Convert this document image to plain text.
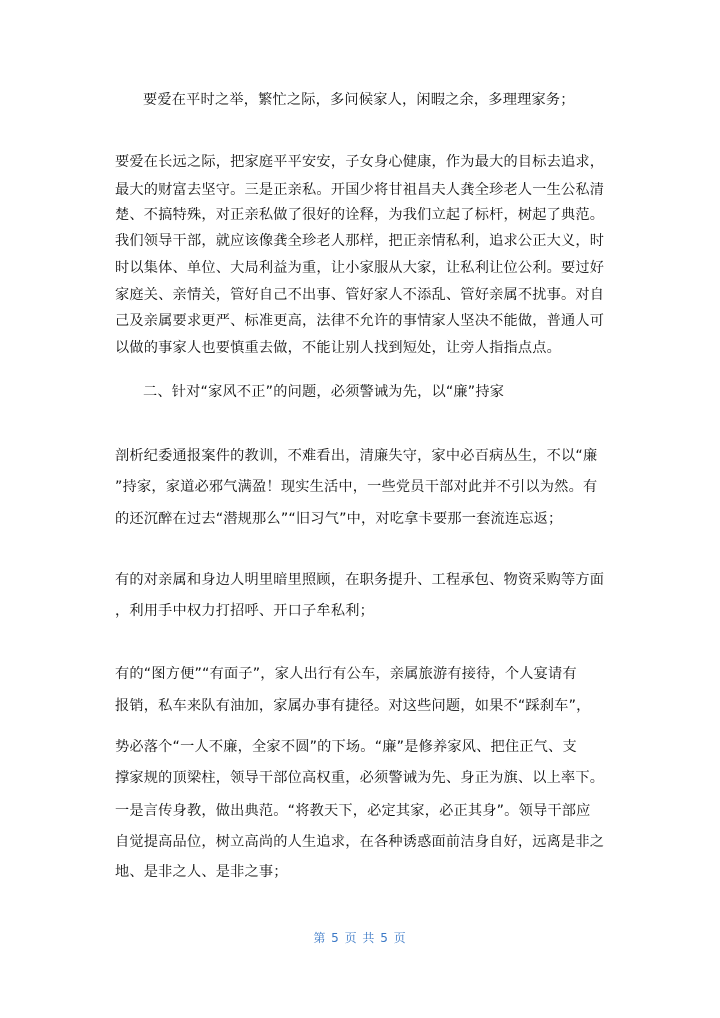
要爱在平时之举，繁忙之际，多问候家人，闲暇之余，多理理家务；
要爱在长远之际，把家庭平平安安，子女身心健康，作为最大的目标去追求，
最大的财富去坚守。三是正亲私。开国少将甘祖昌夫人龚全珍老人一生公私清
楚、不搞特殊，对正亲私做了很好的诠释，为我们立起了标杆，树起了典范。
我们领导干部，就应该像龚全珍老人那样，把正亲情私利，追求公正大义，时
时以集体、单位、大局利益为重，让小家服从大家，让私利让位公利。要过好
家庭关、亲情关，管好自己不出事、管好家人不添乱、管好亲属不扰事。对自
己及亲属要求更严、标准更高，法律不允许的事情家人坚决不能做，普通人可
以做的事家人也要慎重去做，不能让别人找到短处，让旁人指指点点。
二、针对“家风不正”的问题，必须警诫为先，以“廉”持家
剖析纪委通报案件的教训，不难看出，清廉失守，家中必百病丛生，不以“廉
”持家，家道必邪气满盈！现实生活中，一些党员干部对此并不引以为然。有
的还沉醉在过去“潜规那么”“旧习气”中，对吃拿卡要那一套流连忘返；
有的对亲属和身边人明里暗里照顾，在职务提升、工程承包、物资采购等方面
，利用手中权力打招呼、开口子牟私利；
有的“图方便”“有面子”，家人出行有公车，亲属旅游有接待，个人宴请有
报销，私车来队有油加，家属办事有捷径。对这些问题，如果不“踩刹车”，
势必落个“一人不廉，全家不圆”的下场。“廉”是修养家风、把住正气、支
撑家规的顶梁柱，领导干部位高权重，必须警诫为先、身正为旗、以上率下。
一是言传身教，做出典范。“将教天下，必定其家，必正其身”。领导干部应
自觉提高品位，树立高尚的人生追求，在各种诱惑面前洁身自好，远离是非之
地、是非之人、是非之事；
第 5 页 共 5 页
